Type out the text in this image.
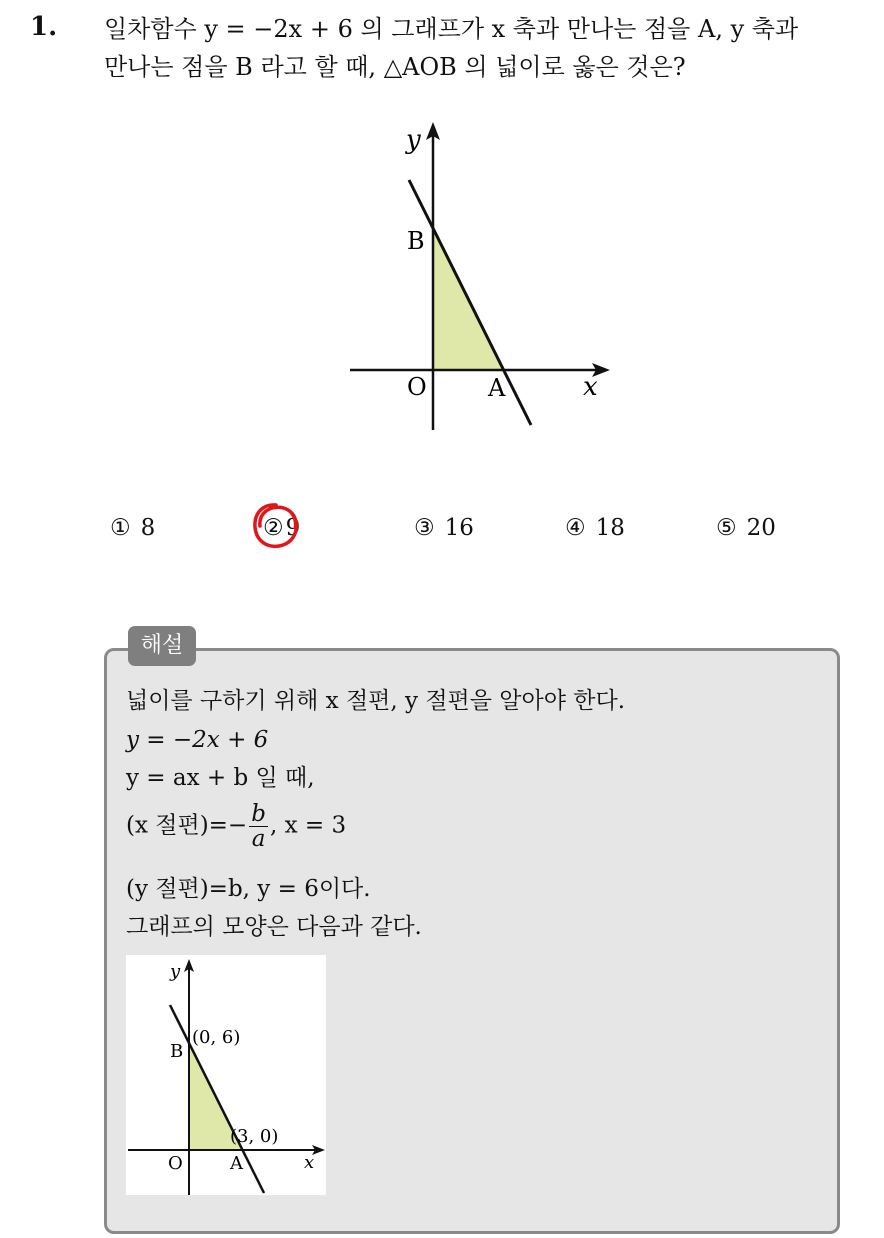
1. 일차함수 y = −2x + 6 의 그래프가 x 축과 만나는 점을 A, y 축과
만나는 점을 B 라고 할 때, △AOB 의 넓이로 옳은 것은?
y
x
B
O	A
① 8	②9	③ 16	④ 18	⑤ 20
해설
넓이를 구하기 위해 x 절편, y 절편을 알아야 한다.
y = −2x + 6
y = ax + b 일 때,
(x 절편)=− $\frac{b}{a}$ , x = 3
(y 절편)=b, y = 6이다.
그래프의 모양은 다음과 같다.
y
x
B
O	A
(0, 6)
(3, 0)
